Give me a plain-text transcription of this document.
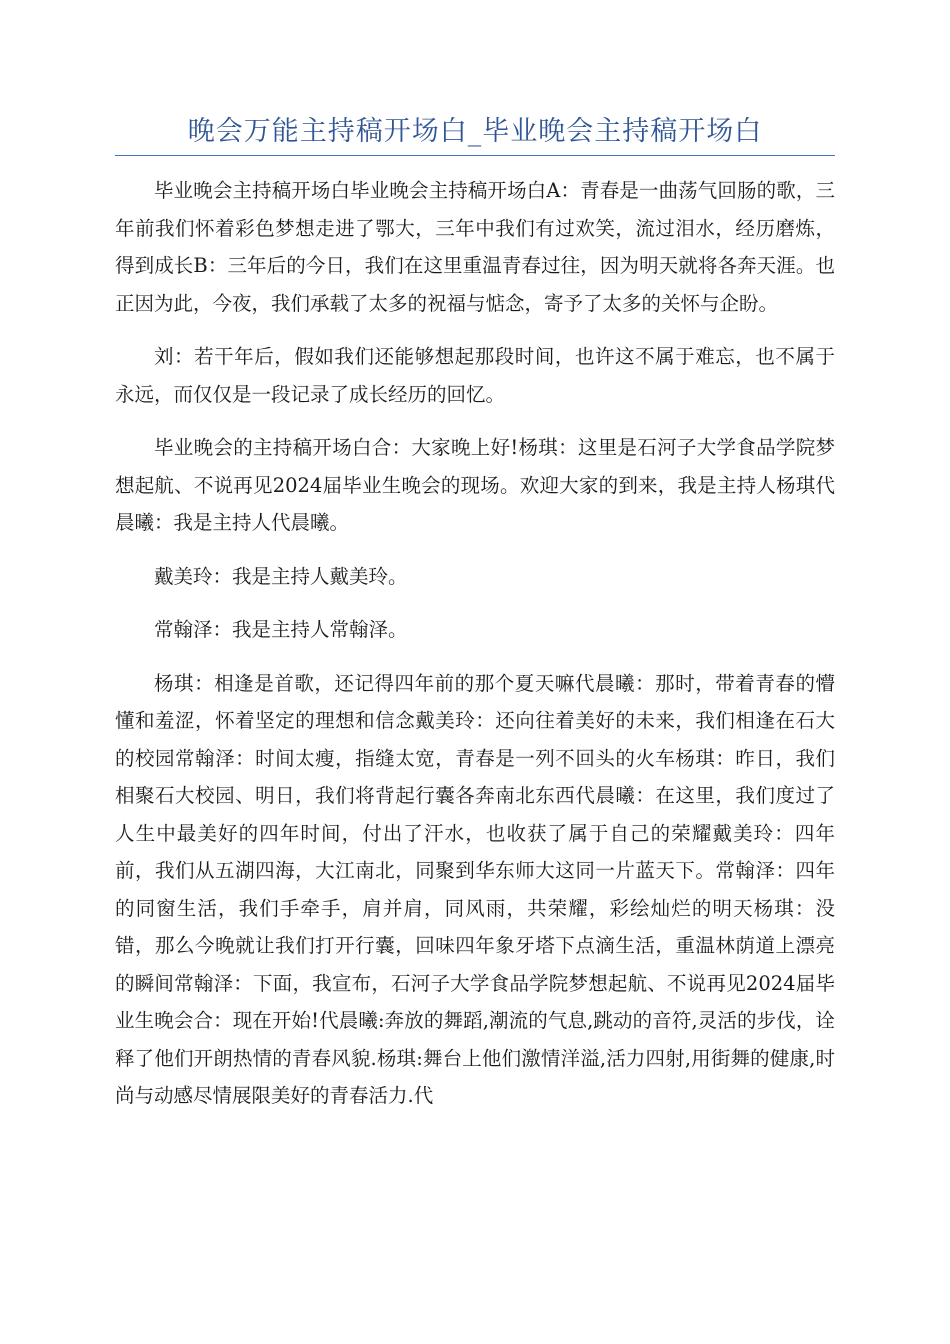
晚会万能主持稿开场白_毕业晚会主持稿开场白

毕业晚会主持稿开场白毕业晚会主持稿开场白A：青春是一曲荡气回肠的歌，三年前我们怀着彩色梦想走进了鄂大，三年中我们有过欢笑，流过泪水，经历磨炼，得到成长B：三年后的今日，我们在这里重温青春过往，因为明天就将各奔天涯。也正因为此，今夜，我们承载了太多的祝福与惦念，寄予了太多的关怀与企盼。

刘：若干年后，假如我们还能够想起那段时间，也许这不属于难忘，也不属于永远，而仅仅是一段记录了成长经历的回忆。

毕业晚会的主持稿开场白合：大家晚上好!杨琪：这里是石河子大学食品学院梦想起航、不说再见2024届毕业生晚会的现场。欢迎大家的到来，我是主持人杨琪代晨曦：我是主持人代晨曦。

戴美玲：我是主持人戴美玲。

常翰泽：我是主持人常翰泽。

杨琪：相逢是首歌，还记得四年前的那个夏天嘛代晨曦：那时，带着青春的懵懂和羞涩，怀着坚定的理想和信念戴美玲：还向往着美好的未来，我们相逢在石大的校园常翰泽：时间太瘦，指缝太宽，青春是一列不回头的火车杨琪：昨日，我们相聚石大校园、明日，我们将背起行囊各奔南北东西代晨曦：在这里，我们度过了人生中最美好的四年时间，付出了汗水，也收获了属于自己的荣耀戴美玲：四年前，我们从五湖四海，大江南北，同聚到华东师大这同一片蓝天下。常翰泽：四年的同窗生活，我们手牵手，肩并肩，同风雨，共荣耀，彩绘灿烂的明天杨琪：没错，那么今晚就让我们打开行囊，回味四年象牙塔下点滴生活，重温林荫道上漂亮的瞬间常翰泽：下面，我宣布，石河子大学食品学院梦想起航、不说再见2024届毕业生晚会合：现在开始!代晨曦:奔放的舞蹈,潮流的气息,跳动的音符,灵活的步伐，诠释了他们开朗热情的青春风貌.杨琪:舞台上他们激情洋溢,活力四射,用街舞的健康,时尚与动感尽情展限美好的青春活力.代
